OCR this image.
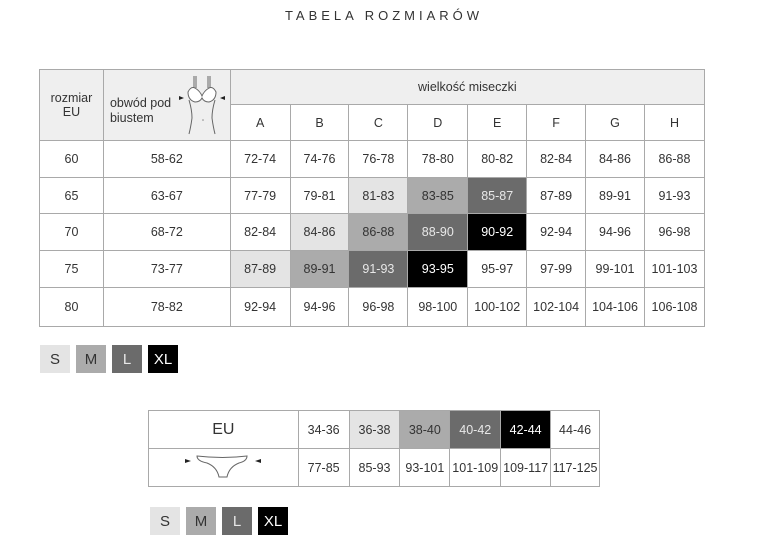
TABELA ROZMIARÓW
rozmiar
EU	obwód pod
biustem	wielkość miseczki							
		A	B	C	D	E	F	G	H
60	58-62	72-74	74-76	76-78	78-80	80-82	82-84	84-86	86-88
65	63-67	77-79	79-81	81-83	83-85	85-87	87-89	89-91	91-93
70	68-72	82-84	84-86	86-88	88-90	90-92	92-94	94-96	96-98
75	73-77	87-89	89-91	91-93	93-95	95-97	97-99	99-101	101-103
80	78-82	92-94	94-96	96-98	98-100	100-102	102-104	104-106	106-108
S	M	L	XL
EU	34-36	36-38	38-40	40-42	42-44	44-46
	77-85	85-93	93-101	101-109	109-117	117-125
S	M	L	XL
